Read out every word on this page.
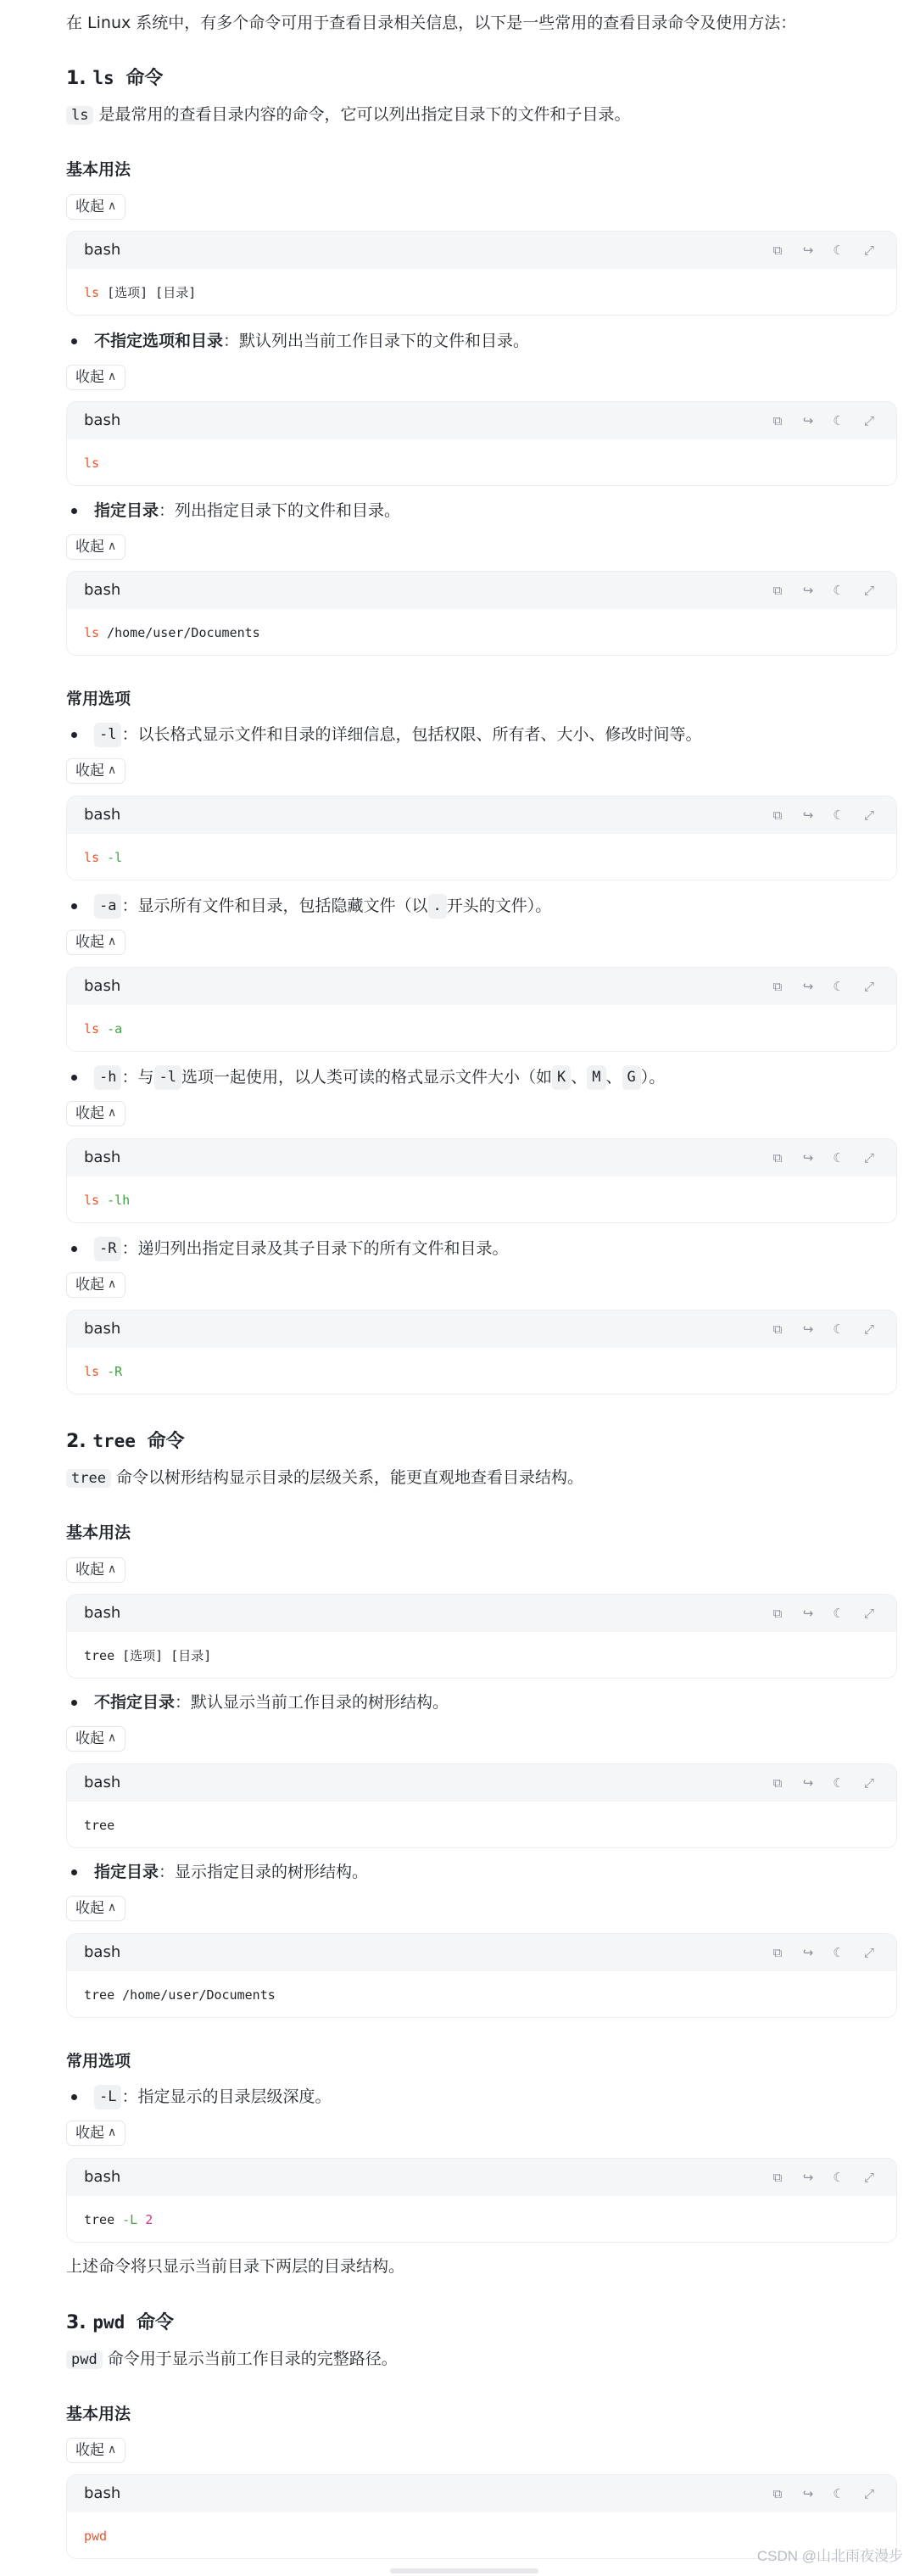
在 Linux 系统中，有多个命令可用于查看目录相关信息，以下是一些常用的查看目录命令及使用方法：

1. ls 命令

ls 是最常用的查看目录内容的命令，它可以列出指定目录下的文件和子目录。

基本用法
收起 ∧
bash	⧉	↪	☾	⤢
ls [选项] [目录]
不指定选项和目录 ：默认列出当前工作目录下的文件和目录。
收起 ∧
bash	⧉	↪	☾	⤢
ls
指定目录 ：列出指定目录下的文件和目录。
收起 ∧
bash	⧉	↪	☾	⤢
ls /home/user/Documents
常用选项
-l ：以长格式显示文件和目录的详细信息，包括权限、所有者、大小、修改时间等。
收起 ∧
bash	⧉	↪	☾	⤢
ls -l
-a ：显示所有文件和目录，包括隐藏文件（以 . 开头的文件）。
收起 ∧
bash	⧉	↪	☾	⤢
ls -a
-h ：与 -l 选项一起使用，以人类可读的格式显示文件大小（如 K 、 M 、 G ）。
收起 ∧
bash	⧉	↪	☾	⤢
ls -lh
-R ：递归列出指定目录及其子目录下的所有文件和目录。
收起 ∧
bash	⧉	↪	☾	⤢
ls -R
2. tree 命令

tree 命令以树形结构显示目录的层级关系，能更直观地查看目录结构。

基本用法
收起 ∧
bash	⧉	↪	☾	⤢
tree [选项] [目录]
不指定目录 ：默认显示当前工作目录的树形结构。
收起 ∧
bash	⧉	↪	☾	⤢
tree
指定目录 ：显示指定目录的树形结构。
收起 ∧
bash	⧉	↪	☾	⤢
tree /home/user/Documents
常用选项
-L ：指定显示的目录层级深度。
收起 ∧
bash	⧉	↪	☾	⤢
tree -L 2

上述命令将只显示当前目录下两层的目录结构。

3. pwd 命令

pwd 命令用于显示当前工作目录的完整路径。

基本用法
收起 ∧
bash	⧉	↪	☾	⤢
pwd
CSDN @山北雨夜漫步
